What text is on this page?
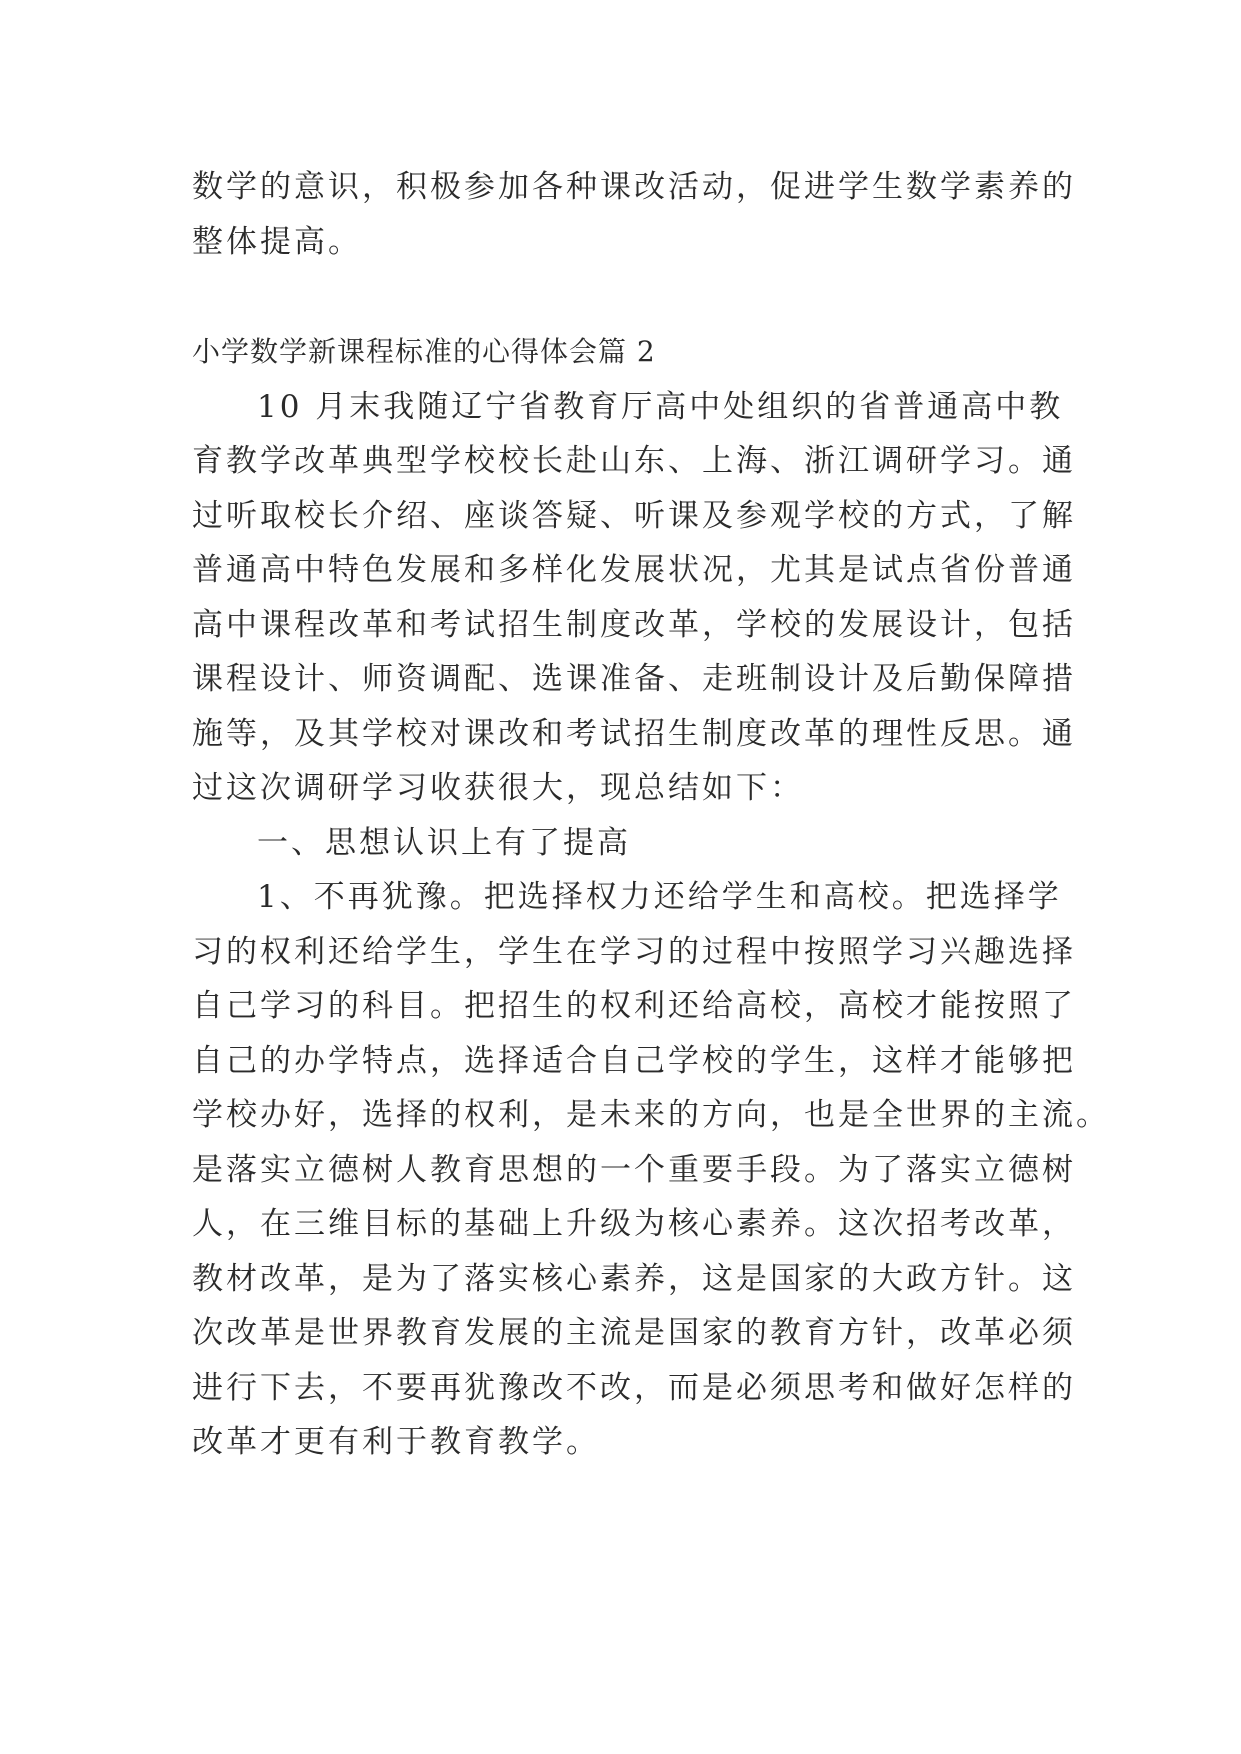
数学的意识，积极参加各种课改活动，促进学生数学素养的
整体提高。
小学数学新课程标准的心得体会篇 2
10 月末我随辽宁省教育厅高中处组织的省普通高中教
育教学改革典型学校校长赴山东、上海、浙江调研学习。通
过听取校长介绍、座谈答疑、听课及参观学校的方式，了解
普通高中特色发展和多样化发展状况，尤其是试点省份普通
高中课程改革和考试招生制度改革，学校的发展设计，包括
课程设计、师资调配、选课准备、走班制设计及后勤保障措
施等，及其学校对课改和考试招生制度改革的理性反思。通
过这次调研学习收获很大，现总结如下：
一、思想认识上有了提高
1、不再犹豫。把选择权力还给学生和高校。把选择学
习的权利还给学生，学生在学习的过程中按照学习兴趣选择
自己学习的科目。把招生的权利还给高校，高校才能按照了
自己的办学特点，选择适合自己学校的学生，这样才能够把
学校办好，选择的权利，是未来的方向，也是全世界的主流。
是落实立德树人教育思想的一个重要手段。为了落实立德树
人，在三维目标的基础上升级为核心素养。这次招考改革，
教材改革，是为了落实核心素养，这是国家的大政方针。这
次改革是世界教育发展的主流是国家的教育方针，改革必须
进行下去，不要再犹豫改不改，而是必须思考和做好怎样的
改革才更有利于教育教学。
